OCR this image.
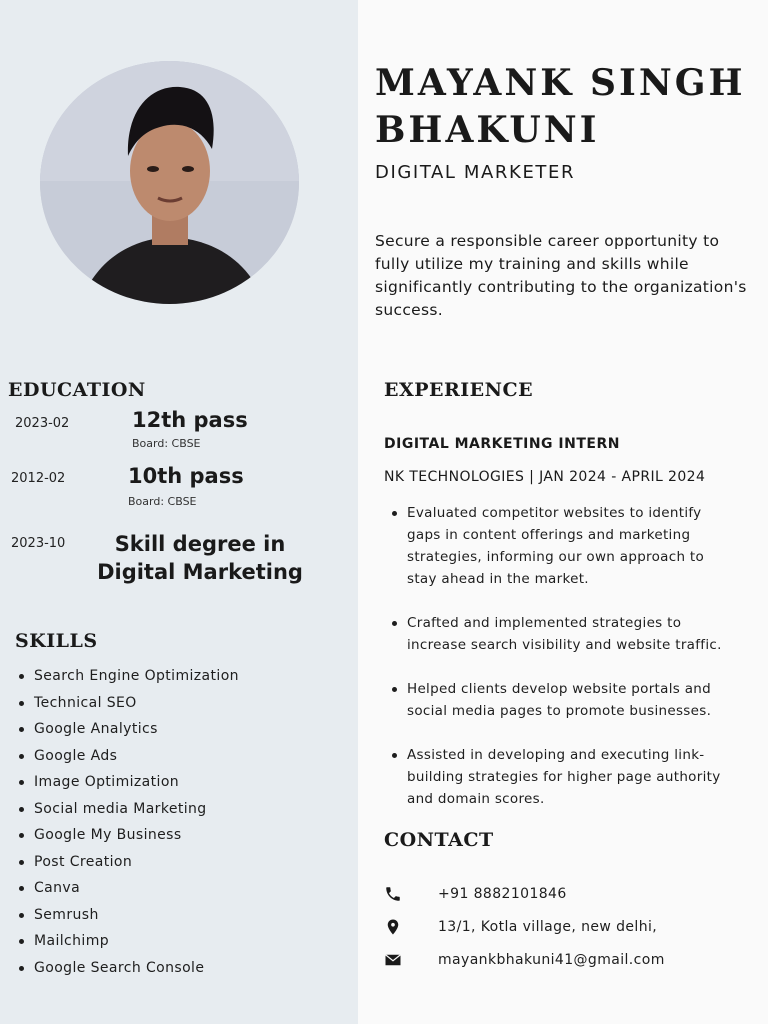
EDUCATION
2023-02	12th pass
Board: CBSE
2012-02	10th pass
Board: CBSE
2023-10	Skill degree in Digital Marketing
SKILLS
Search Engine Optimization
Technical SEO
Google Analytics
Google Ads
Image Optimization
Social media Marketing
Google My Business
Post Creation
Canva
Semrush
Mailchimp
Google Search Console
MAYANK SINGH BHAKUNI
DIGITAL MARKETER

Secure a responsible career opportunity to fully utilize my training and skills while significantly contributing to the organization's success.

EXPERIENCE
DIGITAL MARKETING INTERN
NK TECHNOLOGIES | JAN 2024 - APRIL 2024
Evaluated competitor websites to identify gaps in content offerings and marketing strategies, informing our own approach to stay ahead in the market.
Crafted and implemented strategies to increase search visibility and website traffic.
Helped clients develop website portals and social media pages to promote businesses.
Assisted in developing and executing link-building strategies for higher page authority and domain scores.
CONTACT
+91 8882101846
13/1, Kotla village, new delhi,
mayankbhakuni41@gmail.com
